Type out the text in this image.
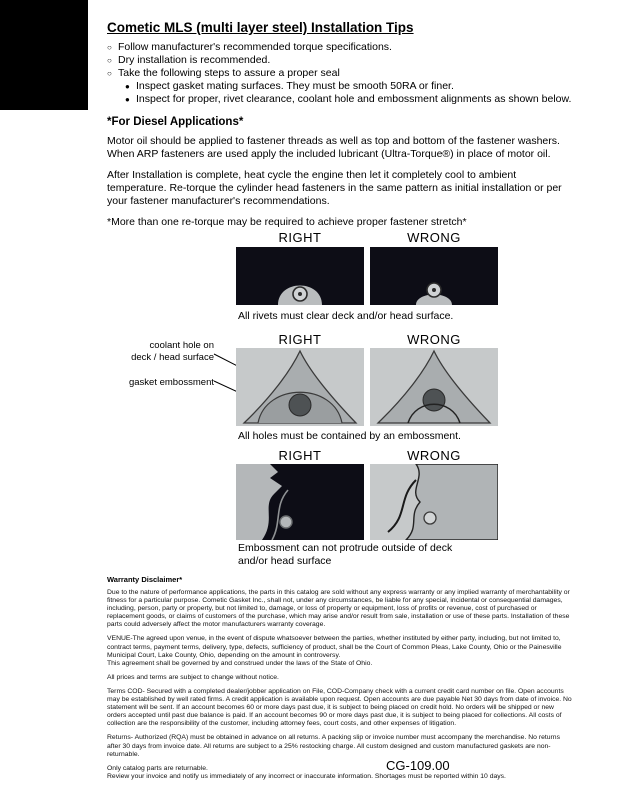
Cometic MLS (multi layer steel) Installation Tips
○ Follow manufacturer's recommended torque specifications.
○ Dry installation is recommended.
○ Take the following steps to assure a proper seal
● Inspect gasket mating surfaces. They must be smooth 50RA or finer.
● Inspect for proper, rivet clearance, coolant hole and embossment alignments as shown below.
*For Diesel Applications*
Motor oil should be applied to fastener threads as well as top and bottom of the fastener washers. When ARP fasteners are used apply the included lubricant (Ultra-Torque®) in place of motor oil.
After Installation is complete, heat cycle the engine then let it completely cool to ambient temperature. Re-torque the cylinder head fasteners in the same pattern as initial installation or per your fastener manufacturer's recommendations.
*More than one re-torque may be required to achieve proper fastener stretch*
RIGHT	WRONG
All rivets must clear deck and/or head surface.
RIGHT	WRONG
coolant hole on
deck / head surface
gasket embossment
All holes must be contained by an embossment.
RIGHT	WRONG
Embossment can not protrude outside of deck
and/or head surface
Warranty Disclaimer*
Due to the nature of performance applications, the parts in this catalog are sold without any express warranty or any implied warranty of merchantability or fitness for a particular purpose. Cometic Gasket Inc., shall not, under any circumstances, be liable for any special, incidental or consequential damages, including, person, party or property, but not limited to, damage, or loss of property or equipment, loss of profits or revenue, cost of purchased or replacement goods, or claims of customers of the purchase, which may arise and/or result from sale, installation or use of these parts. Installation of these parts could adversely affect the motor manufacturers warranty coverage.
VENUE-The agreed upon venue, in the event of dispute whatsoever between the parties, whether instituted by either party, including, but not limited to, contract terms, payment terms, delivery, type, defects, sufficiency of product, shall be the Court of Common Pleas, Lake County, Ohio or the Painesville Municipal Court, Lake County, Ohio, depending on the amount in controversy.
This agreement shall be governed by and construed under the laws of the State of Ohio.
All prices and terms are subject to change without notice.
Terms COD- Secured with a completed dealer/jobber application on File, COD-Company check with a current credit card number on file. Open accounts may be established by well rated firms. A credit application is available upon request. Open accounts are due payable Net 30 days from date of invoice. No statement will be sent. If an account becomes 60 or more days past due, it is subject to being placed on credit hold. No orders will be shipped or new orders accepted until past due balance is paid. If an account becomes 90 or more days past due, it is subject to being placed for collections. All costs of collection are the responsibility of the customer, including attorney fees, court costs, and other expenses of litigation.
Returns- Authorized (RQA) must be obtained in advance on all returns. A packing slip or invoice number must accompany the merchandise. No returns after 30 days from invoice date. All returns are subject to a 25% restocking charge. All custom designed and custom manufactured gaskets are non-returnable.
Only catalog parts are returnable.
Review your invoice and notify us immediately of any incorrect or inaccurate information. Shortages must be reported within 10 days.
CG-109.00
